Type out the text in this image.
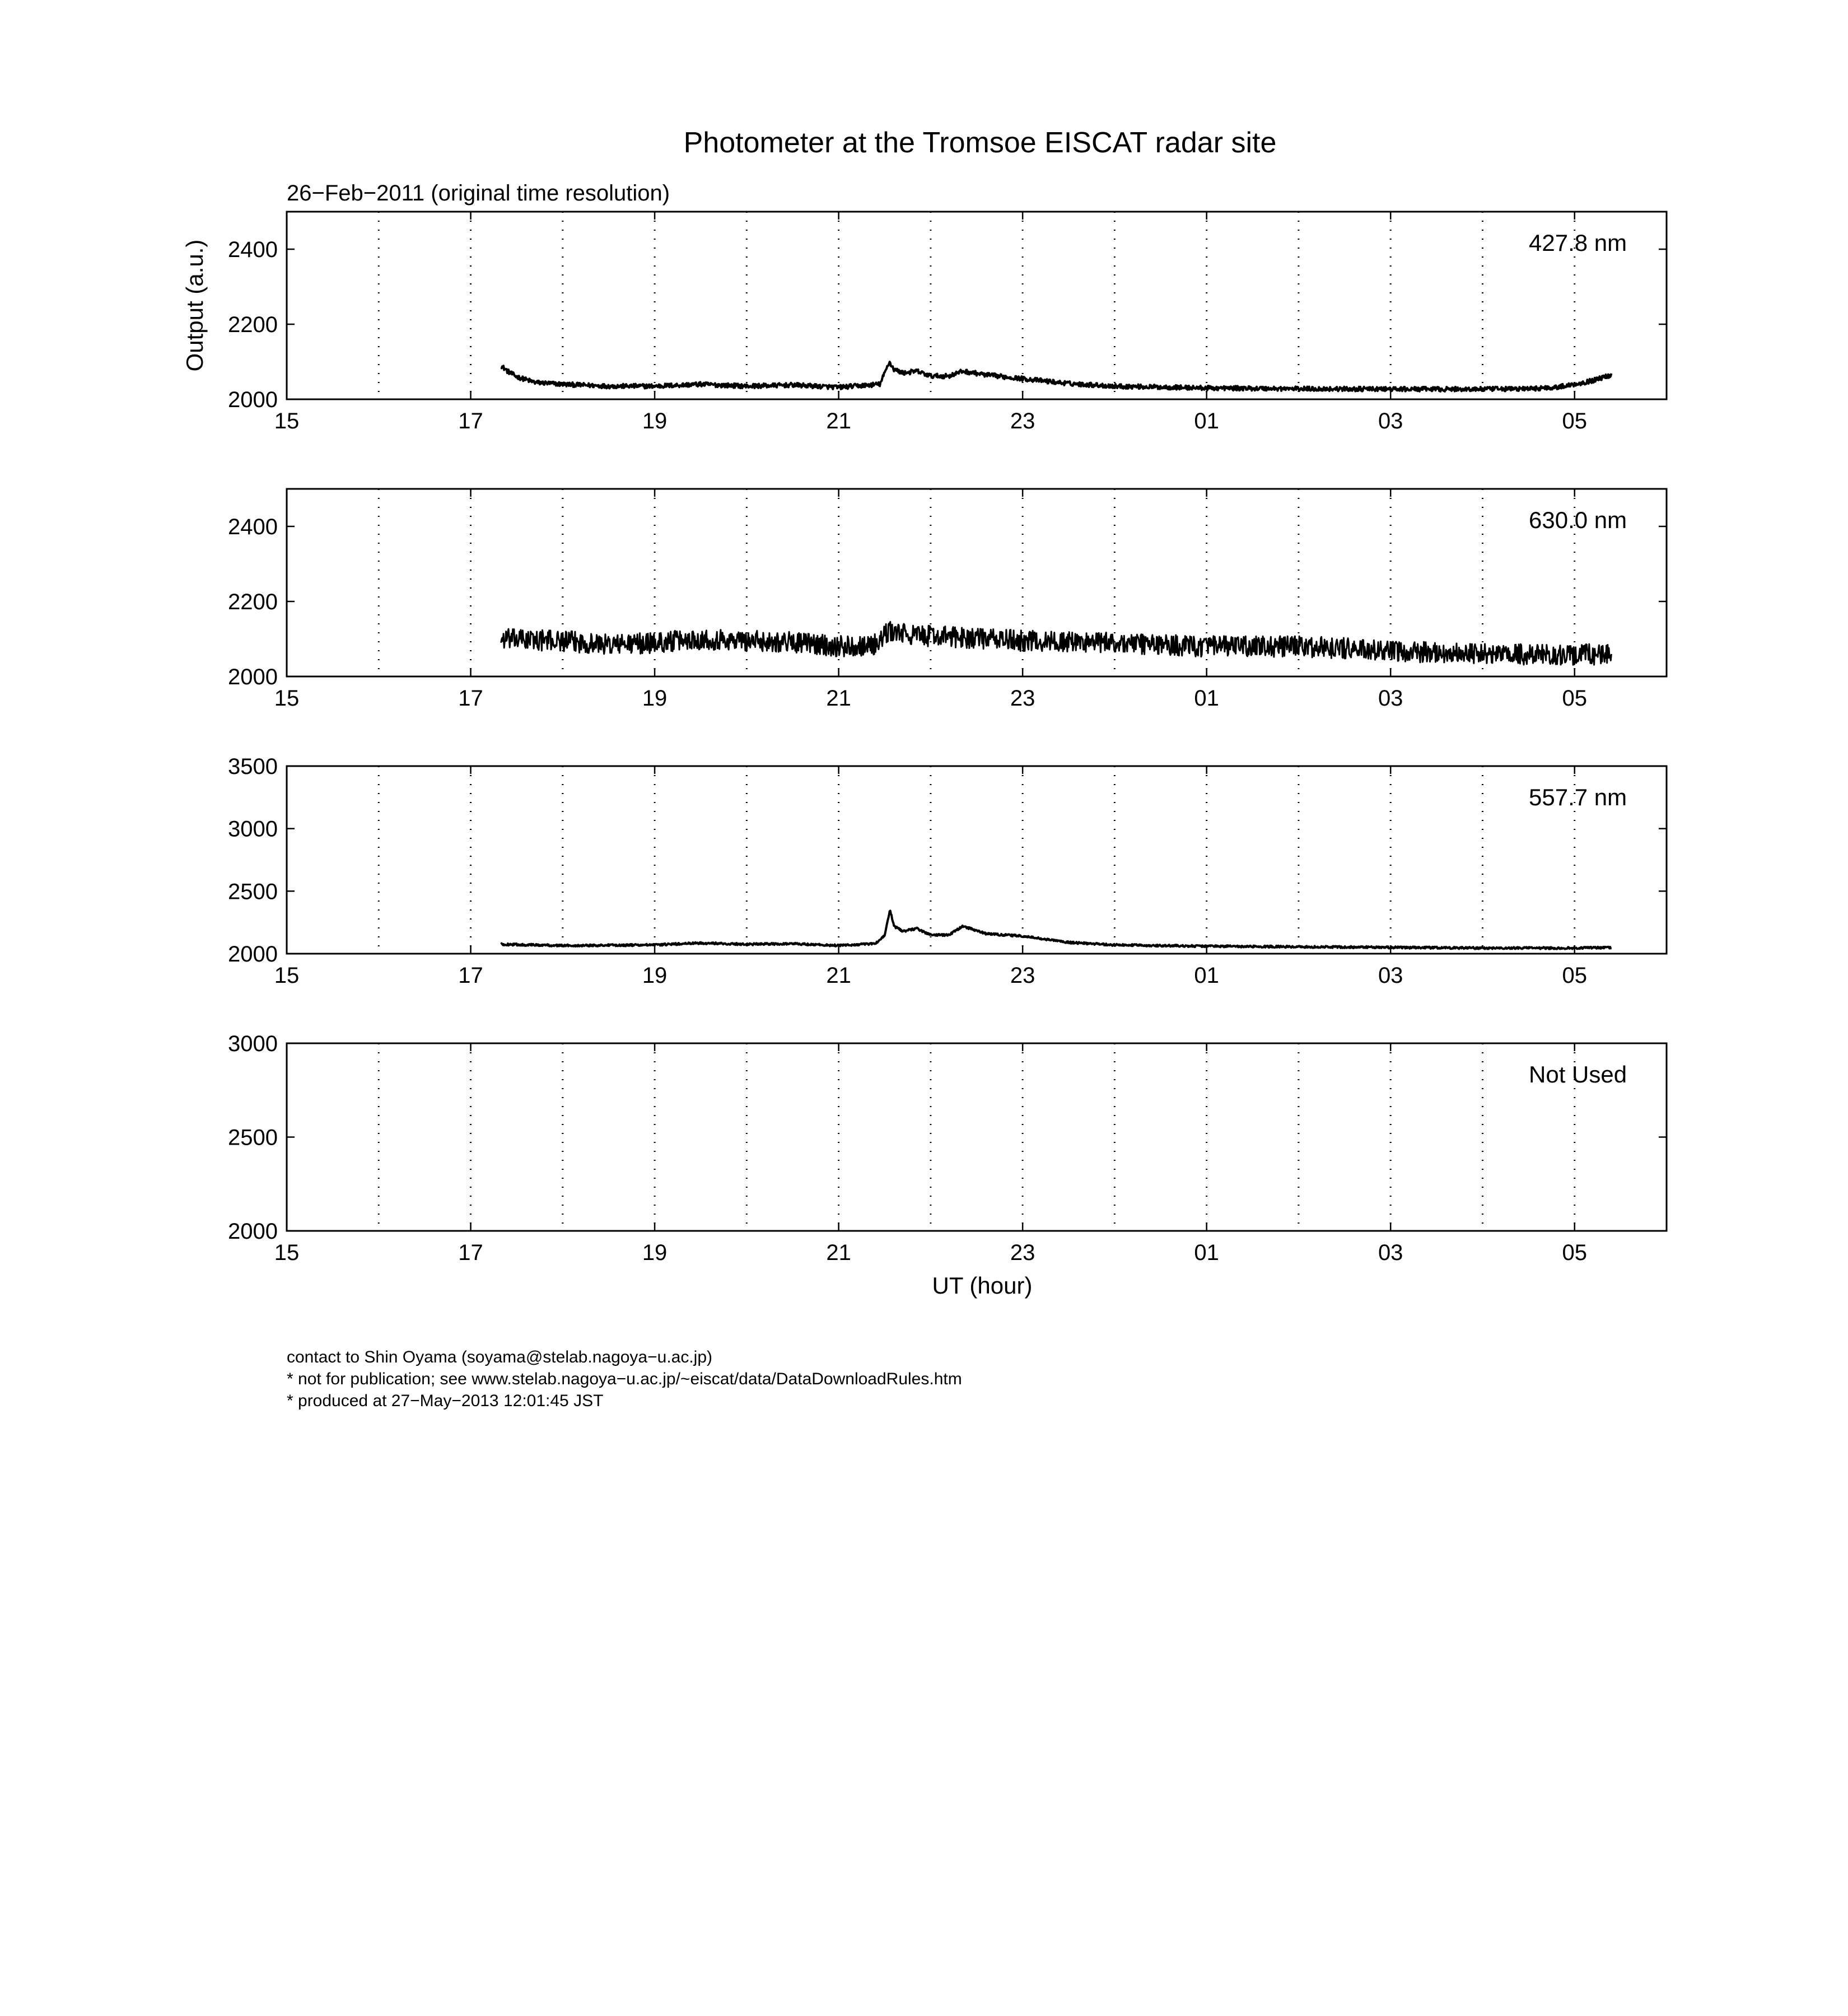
Photometer at the Tromsoe EISCAT radar site
26−Feb−2011 (original time resolution)
15	17	19	21	23	01	03	05
2000
2200
2400	427.8 nm
Output (a.u.)
15	17	19	21	23	01	03	05
2000
2200
2400	630.0 nm
15	17	19	21	23	01	03	05
2000
2500
3000
3500
557.7 nm
15	17	19	21	23	01	03	05
2000
2500
3000
Not Used
UT (hour)
contact to Shin Oyama (soyama@stelab.nagoya−u.ac.jp)
* not for publication; see www.stelab.nagoya−u.ac.jp/~eiscat/data/DataDownloadRules.htm
* produced at 27−May−2013 12:01:45 JST
